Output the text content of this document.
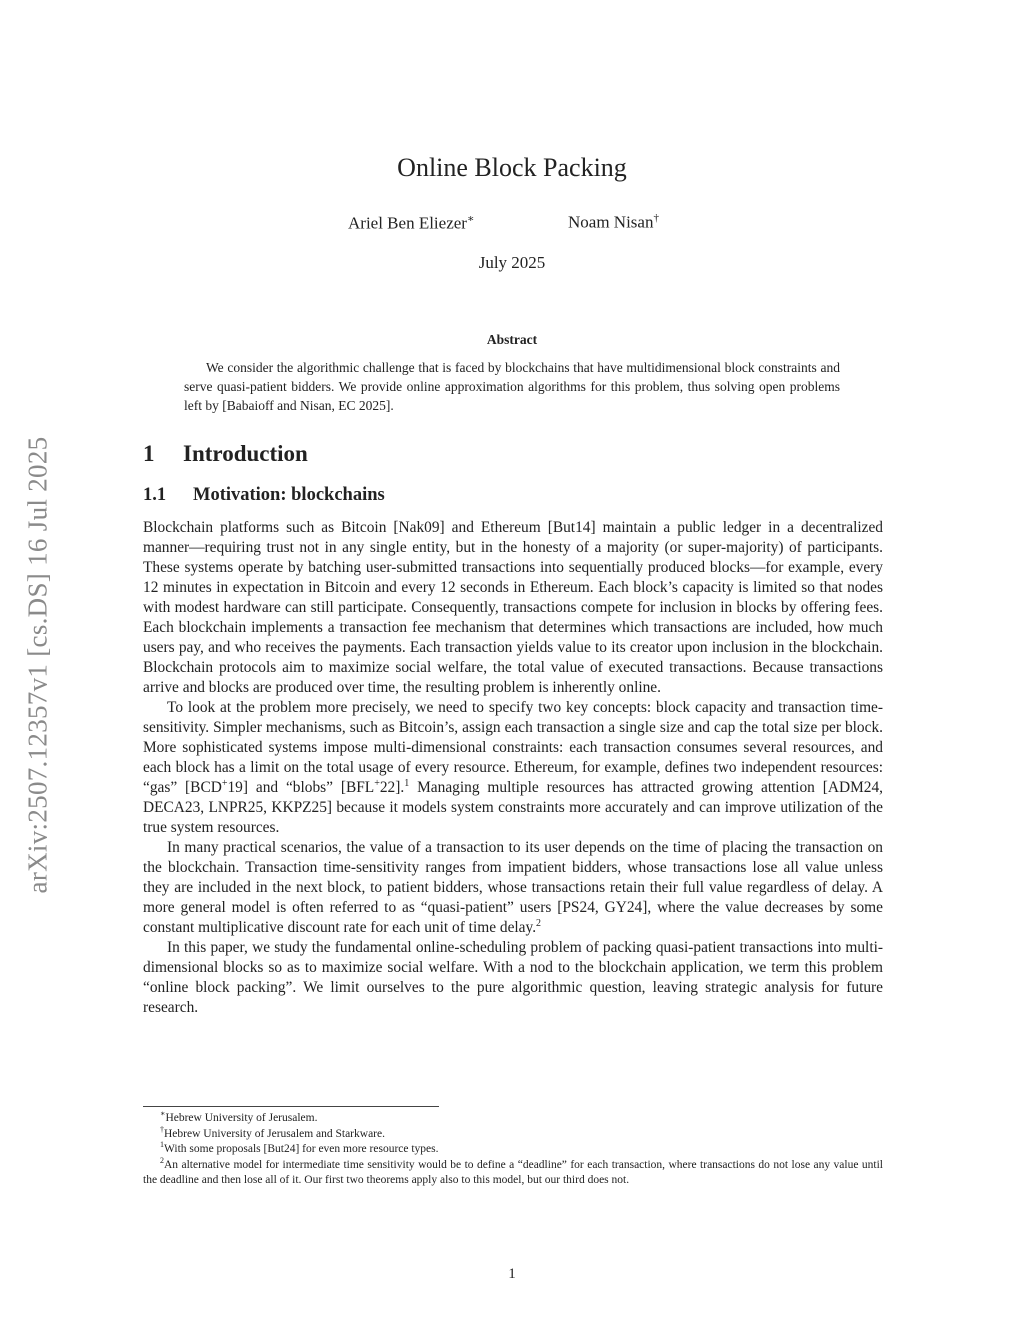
arXiv:2507.12357v1 [cs.DS] 16 Jul 2025
Online Block Packing
Ariel Ben Eliezer∗	Noam Nisan†
July 2025
Abstract
We consider the algorithmic challenge that is faced by blockchains that have multidimensional block constraints and serve quasi-patient bidders. We provide online approximation algorithms for this problem, thus solving open problems left by [Babaioff and Nisan, EC 2025].
1 Introduction
1.1 Motivation: blockchains

Blockchain platforms such as Bitcoin [Nak09] and Ethereum [But14] maintain a public ledger in a decentralized manner—requiring trust not in any single entity, but in the honesty of a majority (or super-majority) of participants. These systems operate by batching user-submitted transactions into sequentially produced blocks—for example, every 12 minutes in expectation in Bitcoin and every 12 seconds in Ethereum. Each block’s capacity is limited so that nodes with modest hardware can still participate. Consequently, transactions compete for inclusion in blocks by offering fees. Each blockchain implements a transaction fee mechanism that determines which transactions are included, how much users pay, and who receives the payments. Each transaction yields value to its creator upon inclusion in the blockchain. Blockchain protocols aim to maximize social welfare, the total value of executed transactions. Because transactions arrive and blocks are produced over time, the resulting problem is inherently online.

To look at the problem more precisely, we need to specify two key concepts: block capacity and transaction time-sensitivity. Simpler mechanisms, such as Bitcoin’s, assign each transaction a single size and cap the total size per block. More sophisticated systems impose multi-dimensional constraints: each transaction consumes several resources, and each block has a limit on the total usage of every resource. Ethereum, for example, defines two independent resources: “gas” [BCD+19] and “blobs” [BFL+22].$^1$ Managing multiple resources has attracted growing attention [ADM24, DECA23, LNPR25, KKPZ25] because it models system constraints more accurately and can improve utilization of the true system resources.

In many practical scenarios, the value of a transaction to its user depends on the time of placing the transaction on the blockchain. Transaction time-sensitivity ranges from impatient bidders, whose transactions lose all value unless they are included in the next block, to patient bidders, whose transactions retain their full value regardless of delay. A more general model is often referred to as “quasi-patient” users [PS24, GY24], where the value decreases by some constant multiplicative discount rate for each unit of time delay.$^2$

In this paper, we study the fundamental online-scheduling problem of packing quasi-patient transactions into multi-dimensional blocks so as to maximize social welfare. With a nod to the blockchain application, we term this problem “online block packing”. We limit ourselves to the pure algorithmic question, leaving strategic analysis for future research.

∗Hebrew University of Jerusalem.

†Hebrew University of Jerusalem and Starkware.

$^1$With some proposals [But24] for even more resource types.

$^2$An alternative model for intermediate time sensitivity would be to define a “deadline” for each transaction, where transactions do not lose any value until the deadline and then lose all of it. Our first two theorems apply also to this model, but our third does not.

1
